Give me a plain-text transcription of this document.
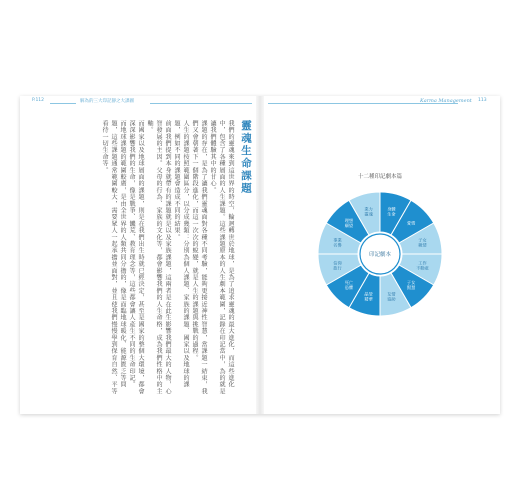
P.112	解為的三大印記靜之大課圖

靈魂生命課題

我們的靈魂來到這世界的時空，輪迴轉世於地球，是為了追求靈魂的最大進化，而這些進化中，包含了各種層面的人生課題。這些課題原本的人生劇本範圍，記錄在印記當中，為的就是讓我們體驗其中的甘心。

課題的存在，是為了讓我們靈魂面對各種不同考驗，能夠更接近神性智慧，當課題一結束，我們又會朝著下一個階段進化，而這一次次的蛻變，就是人生的課題與挑戰的過程。

人生的課題按照範圍區分，以分成幾類：分別為個人課題、家族的課題、國家以及地球的課題，例如不同的課題會造成不同的結果。

前面我們提到本身就帶有的課題就是以及家族課題，這兩者是在此生影響我們最大的人物，心智發展的主因。父母的行為、家族的文化等，都會影響我們的人生命格，成為我們性格中的主軸。

而國家以及地球層面的課題，則是在我們出生時就已經決定，甚至是國家的整個大環境，都會深深影響我們的生命，像是戰爭、饑荒、教育理念等，這些都會讓人產生不同的生命印記。

而地球課題的範圍較廣，是由全世界的人類共同分擔的，像是面臨地球暖化、能源匱乏等問題，這些課題通常範圍較大，需要眾人一起承擔並面對，並且使我們慢慢學到保育自然、平等看待一切生命等。

Karma Management 113
十二種印記劇本篇
身體生命
愛情
子女親情
工作不動產
子女賢慧
友情協助
晶瑩精華
死亡恐懼
信仰旅行
事業名譽
理想願望
業力靈魂
印記劇本
